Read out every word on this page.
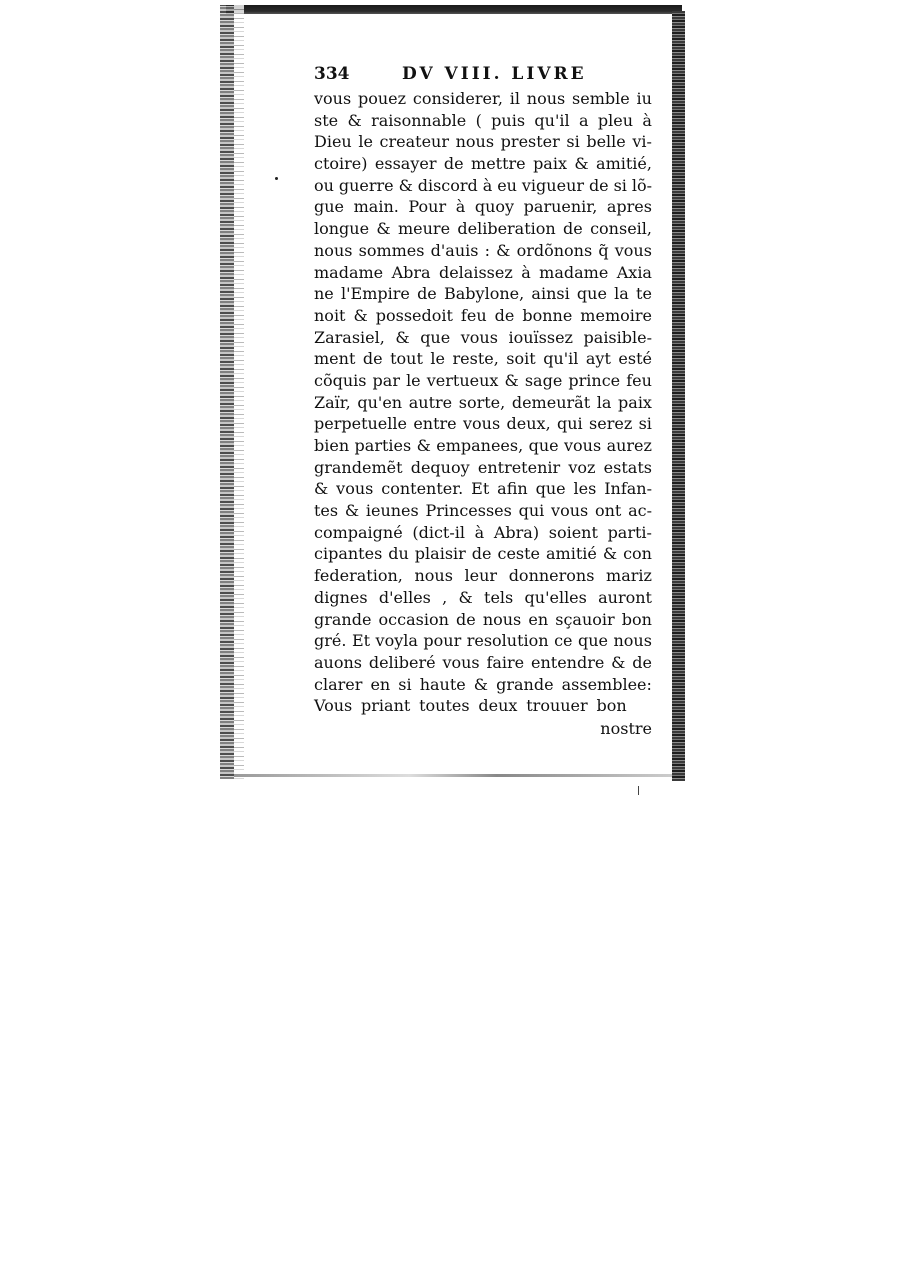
334	DV VIII. LIVRE
vous pouez considerer, il nous semble iu
ste & raisonnable ( puis qu'il a pleu à
Dieu le createur nous prester si belle vi-
ctoire) essayer de mettre paix & amitié,
ou guerre & discord à eu vigueur de si lõ-
gue main. Pour à quoy paruenir, apres
longue & meure deliberation de conseil,
nous sommes d'auis : & ordõnons q̃ vous
madame Abra delaissez à madame Axia
ne l'Empire de Babylone, ainsi que la te
noit & possedoit feu de bonne memoire
Zarasiel, & que vous iouïssez paisible-
ment de tout le reste, soit qu'il ayt esté
cõquis par le vertueux & sage prince feu
Zaïr, qu'en autre sorte, demeurãt la paix
perpetuelle entre vous deux, qui serez si
bien parties & empanees, que vous aurez
grandemẽt dequoy entretenir voz estats
& vous contenter. Et afin que les Infan-
tes & ieunes Princesses qui vous ont ac-
compaigné (dict-il à Abra) soient parti-
cipantes du plaisir de ceste amitié & con
federation, nous leur donnerons mariz
dignes d'elles , & tels qu'elles auront
grande occasion de nous en sçauoir bon
gré. Et voyla pour resolution ce que nous
auons deliberé vous faire entendre & de
clarer en si haute & grande assemblee:
Vous priant toutes deux trouuer bon
nostre
